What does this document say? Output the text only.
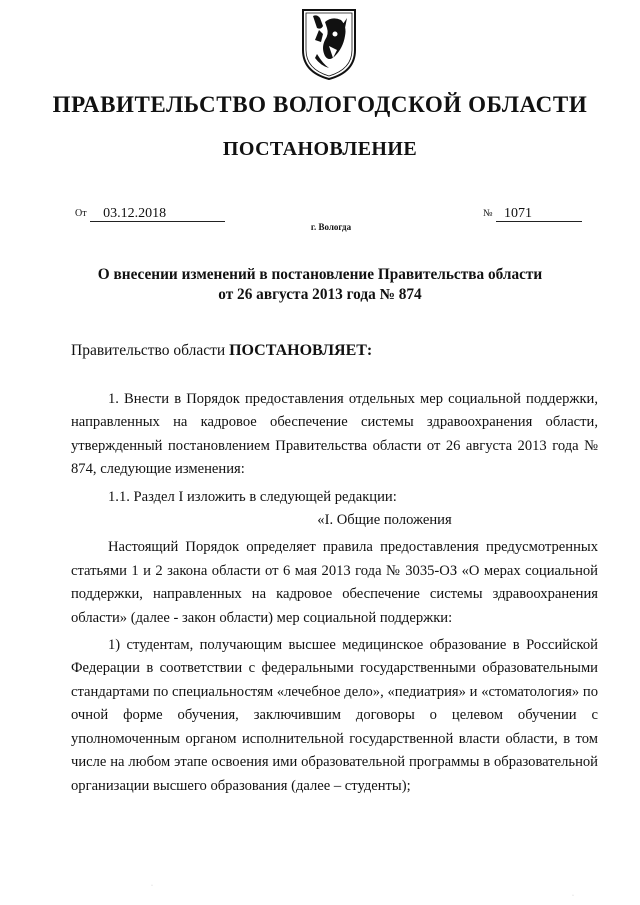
ПРАВИТЕЛЬСТВО ВОЛОГОДСКОЙ ОБЛАСТИ
ПОСТАНОВЛЕНИЕ
От 03.12.2018	№ 1071
г. Вологда
О внесении изменений в постановление Правительства области
от 26 августа 2013 года № 874

Правительство области ПОСТАНОВЛЯЕТ:

1. Внести в Порядок предоставления отдельных мер социальной поддержки, направленных на кадровое обеспечение системы здравоохранения области, утвержденный постановлением Правительства области от 26 августа 2013 года № 874, следующие изменения:

1.1. Раздел I изложить в следующей редакции:

«I. Общие положения

Настоящий Порядок определяет правила предоставления предусмотренных статьями 1 и 2 закона области от 6 мая 2013 года № 3035-ОЗ «О мерах социальной поддержки, направленных на кадровое обеспечение системы здравоохранения области» (далее - закон области) мер социальной поддержки:

1) студентам, получающим высшее медицинское образование в Российской Федерации в соответствии с федеральными государственными образовательными стандартами по специальностям «лечебное дело», «педиатрия» и «стоматология» по очной форме обучения, заключившим договоры о целевом обучении с уполномоченным органом исполнительной государственной власти области, в том числе на любом этапе освоения ими образовательной программы в образовательной организации высшего образования (далее – студенты);

·
·
